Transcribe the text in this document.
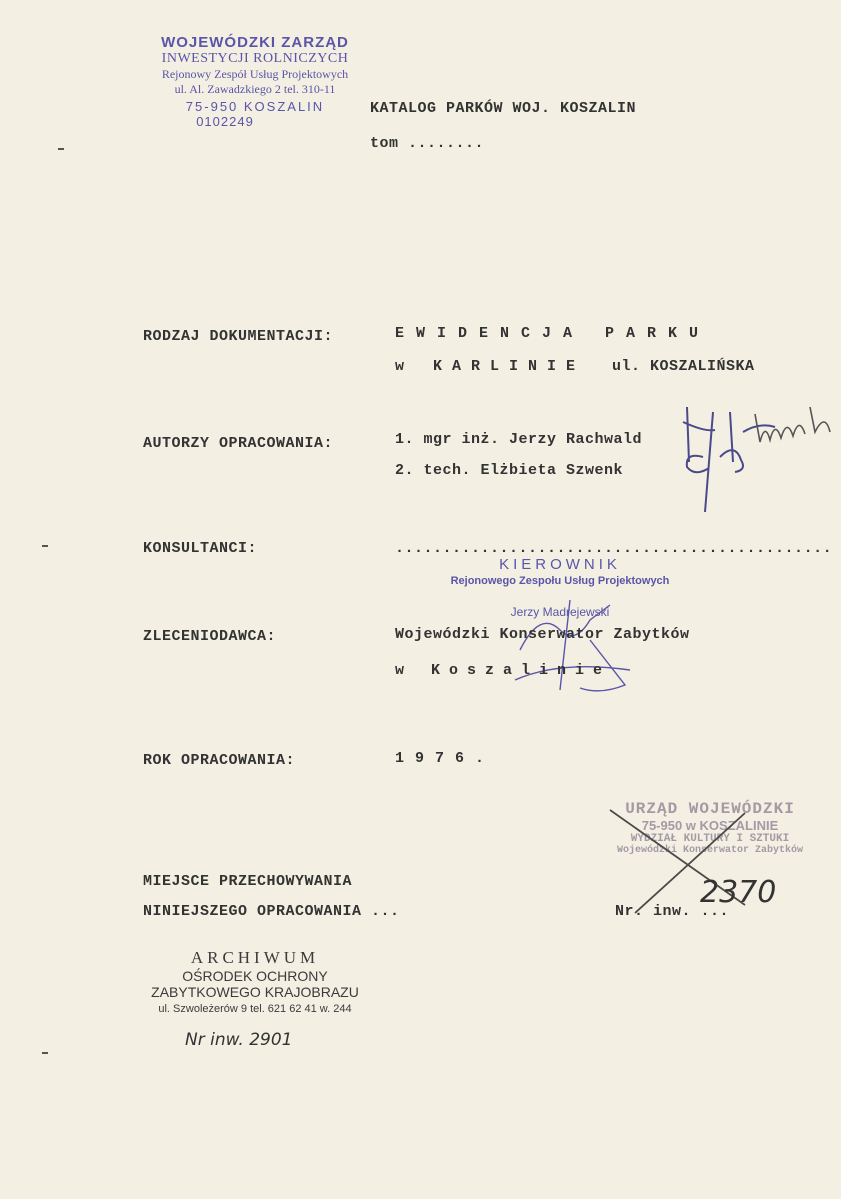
WOJEWÓDZKI ZARZĄD
INWESTYCJI ROLNICZYCH
Rejonowy Zespół Usług Projektowych
ul. Al. Zawadzkiego 2 tel. 310-11
75-950 KOSZALIN
0102249
KATALOG PARKÓW WOJ. KOSZALIN
tom ........
RODZAJ DOKUMENTACJI:	EWIDENCJA PARKU
w KARLINIE ul. KOSZALIŃSKA
AUTORZY OPRACOWANIA:	1. mgr inż. Jerzy Rachwald
2. tech. Elżbieta Szwenk
KONSULTANCI:	..............................................
KIEROWNIK
Rejonowego Zespołu Usług Projektowych
Jerzy Madrejewski
ZLECENIODAWCA:	Wojewódzki Konserwator Zabytków
w Koszalinie
ROK OPRACOWANIA:	1976.
URZĄD WOJEWÓDZKI
75-950 w KOSZALINIE
WYDZIAŁ KULTURY I SZTUKI
Wojewódzki Konserwator Zabytków
MIEJSCE PRZECHOWYWANIA
NINIEJSZEGO OPRACOWANIA ...	Nr. inw. ...
2370
ARCHIWUM
OŚRODEK OCHRONY
ZABYTKOWEGO KRAJOBRAZU
ul. Szwoleżerów 9 tel. 621 62 41 w. 244
Nr inw. 2901
